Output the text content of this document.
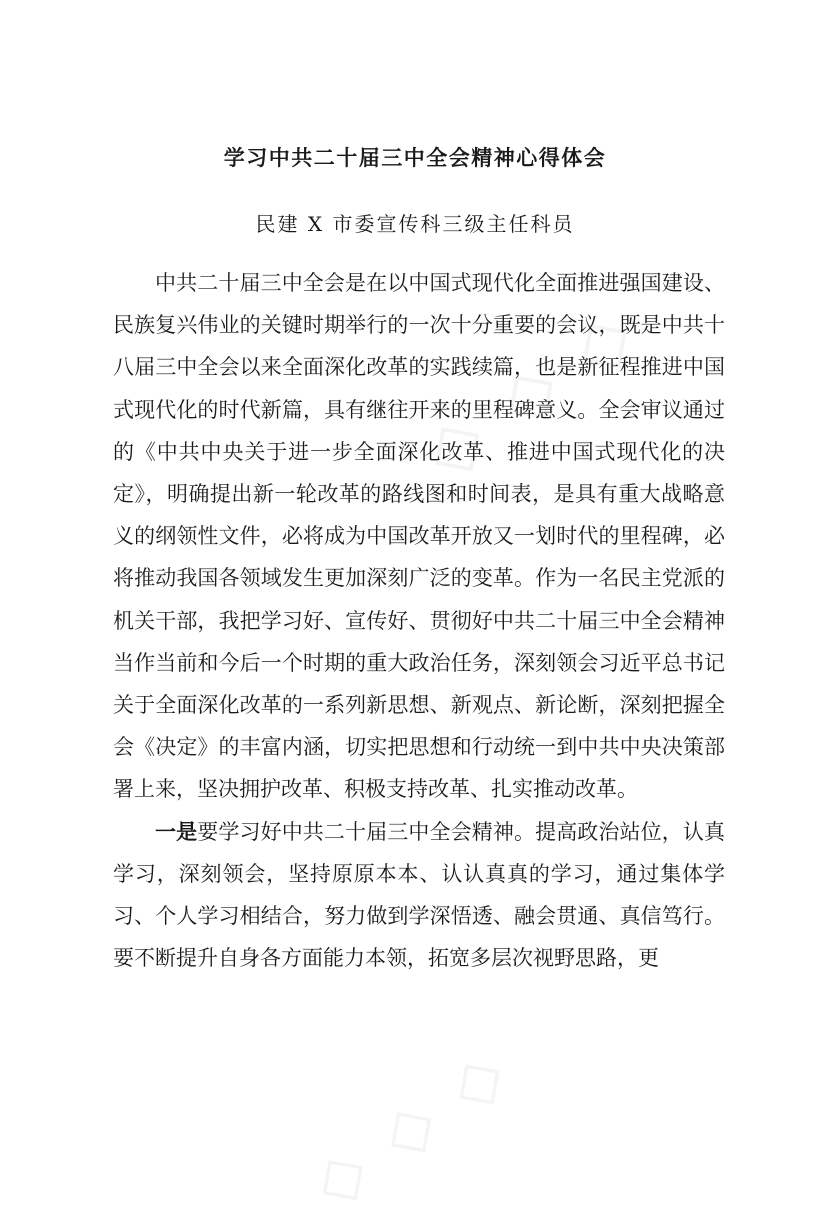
学习中共二十届三中全会精神心得体会
民建 X 市委宣传科三级主任科员

中共二十届三中全会是在以中国式现代化全面推进强国建设、民族复兴伟业的关键时期举行的一次十分重要的会议，既是中共十八届三中全会以来全面深化改革的实践续篇，也是新征程推进中国式现代化的时代新篇，具有继往开来的里程碑意义。全会审议通过的《中共中央关于进一步全面深化改革、推进中国式现代化的决定》，明确提出新一轮改革的路线图和时间表，是具有重大战略意义的纲领性文件，必将成为中国改革开放又一划时代的里程碑，必将推动我国各领域发生更加深刻广泛的变革。作为一名民主党派的机关干部，我把学习好、宣传好、贯彻好中共二十届三中全会精神当作当前和今后一个时期的重大政治任务，深刻领会习近平总书记关于全面深化改革的一系列新思想、新观点、新论断，深刻把握全会《决定》的丰富内涵，切实把思想和行动统一到中共中央决策部署上来，坚决拥护改革、积极支持改革、扎实推动改革。

一是要学习好中共二十届三中全会精神。提高政治站位，认真学习，深刻领会，坚持原原本本、认认真真的学习，通过集体学习、个人学习相结合，努力做到学深悟透、融会贯通、真信笃行。要不断提升自身各方面能力本领，拓宽多层次视野思路，更
